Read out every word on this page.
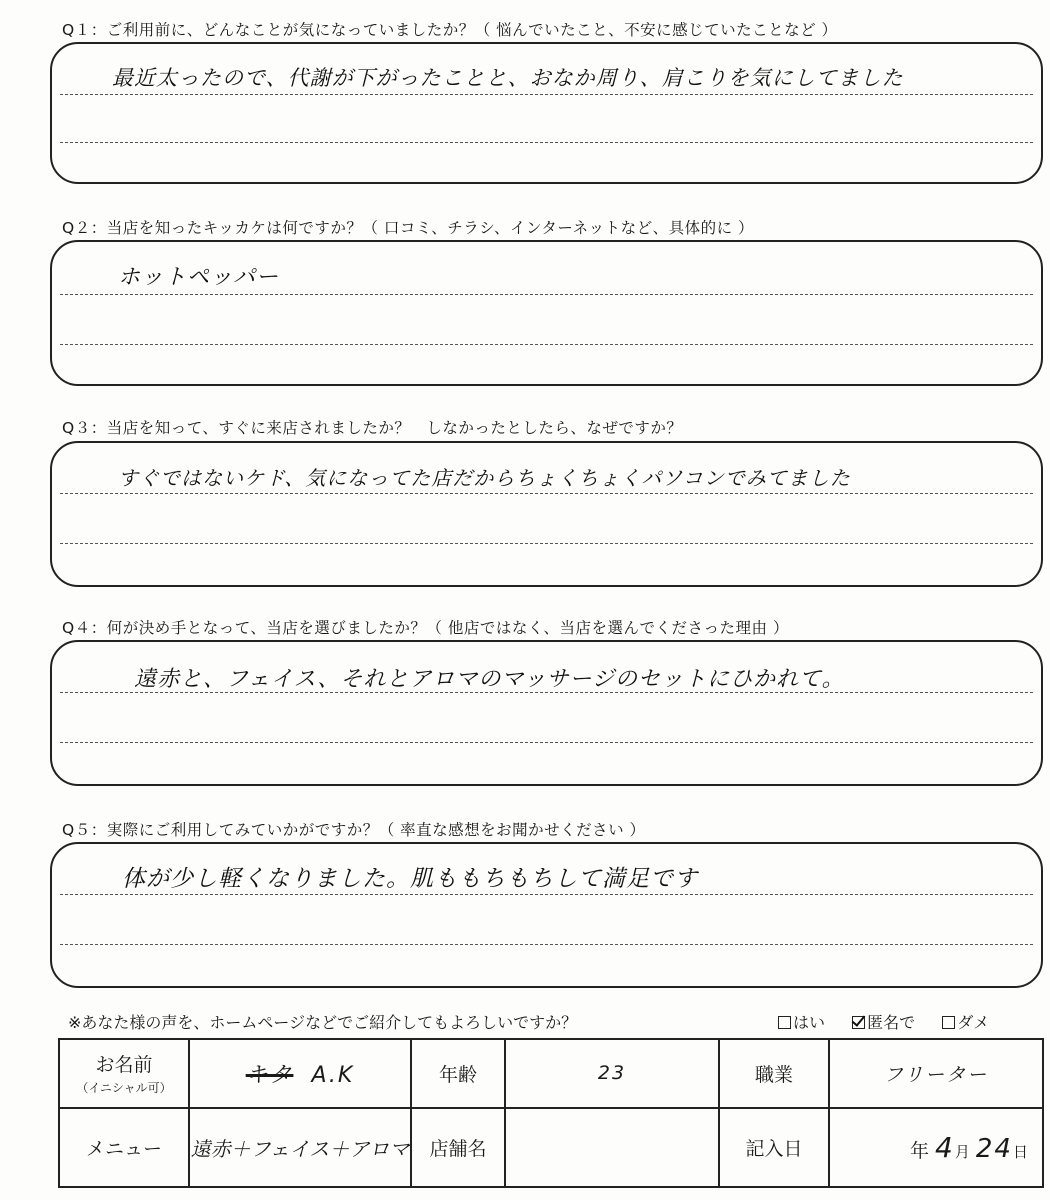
Q１：ご利用前に、どんなことが気になっていましたか？（ 悩んでいたこと、不安に感じていたことなど ）
最近太ったので、代謝が下がったことと、おなか周り、肩こりを気にしてました
Q２：当店を知ったキッカケは何ですか？（ 口コミ、チラシ、インターネットなど、具体的に ）
ホットペッパー
Q３：当店を知って、すぐに来店されましたか？　しなかったとしたら、なぜですか？
すぐではないケド、気になってた店だからちょくちょくパソコンでみてました
Q４：何が決め手となって、当店を選びましたか？（ 他店ではなく、当店を選んでくださった理由 ）
遠赤と、フェイス、それとアロマのマッサージのセットにひかれて。
Q５：実際にご利用してみていかがですか？（ 率直な感想をお聞かせください ）
体が少し軽くなりました。肌ももちもちして満足です
※あなた様の声を、ホームページなどでご紹介してもよろしいですか？	はい	匿名で	ダメ
お名前
（イニシャル可）	キタ A.K	年齢	23	職業	フリーター
メニュー	遠赤＋フェイス＋アロマ	店舗名		記入日	年 4月 24日
